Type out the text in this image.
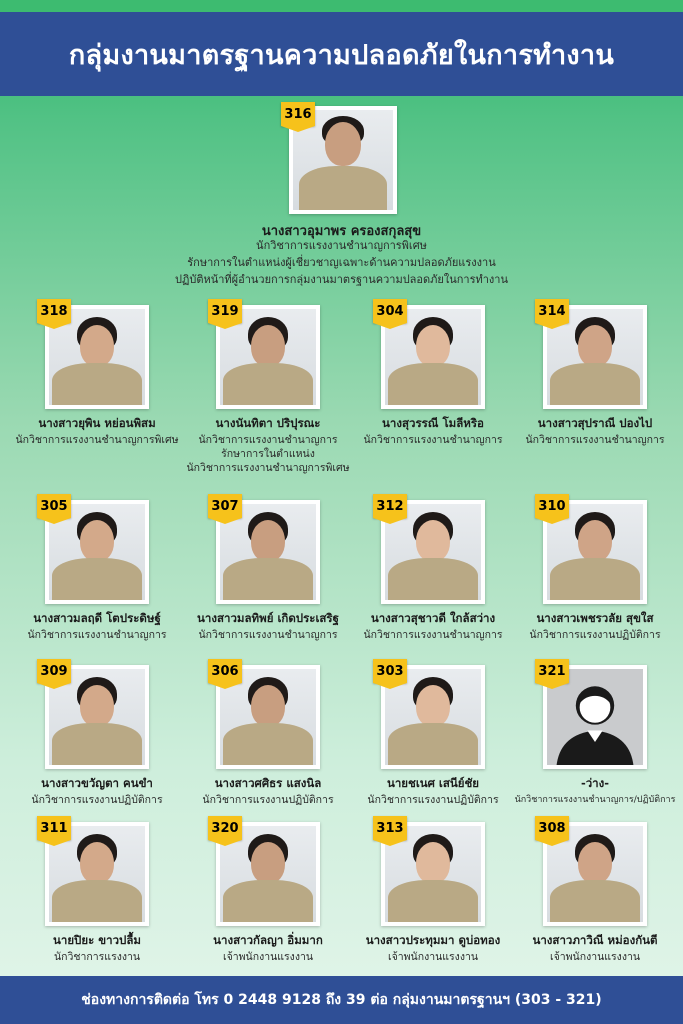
กลุ่มงานมาตรฐานความปลอดภัยในการทำงาน
316
นางสาวอุมาพร ครองสกุลสุข
นักวิชาการแรงงานชำนาญการพิเศษ
รักษาการในตำแหน่งผู้เชี่ยวชาญเฉพาะด้านความปลอดภัยแรงงาน
ปฏิบัติหน้าที่ผู้อำนวยการกลุ่มงานมาตรฐานความปลอดภัยในการทำงาน
318
นางสาวยุพิน หย่อนพิสม
นักวิชาการแรงงานชำนาญการพิเศษ
319
นางนันทิตา ปริปุรณะ
นักวิชาการแรงงานชำนาญการ
รักษาการในตำแหน่ง
นักวิชาการแรงงานชำนาญการพิเศษ
304
นางสุวรรณี โมลีหริอ
นักวิชาการแรงงานชำนาญการ
314
นางสาวสุปราณี ปองไป
นักวิชาการแรงงานชำนาญการ
305
นางสาวมลฤดี โตประดิษฐ์
นักวิชาการแรงงานชำนาญการ
307
นางสาวมลทิพย์ เกิดประเสริฐ
นักวิชาการแรงงานชำนาญการ
312
นางสาวสุชาวดี ใกล้สว่าง
นักวิชาการแรงงานชำนาญการ
310
นางสาวเพชรวลัย สุขใส
นักวิชาการแรงงานปฏิบัติการ
309
นางสาวขวัญตา คนขำ
นักวิชาการแรงงานปฏิบัติการ
306
นางสาวศศิธร แสงนิล
นักวิชาการแรงงานปฏิบัติการ
303
นายชเนศ เสนีย์ชัย
นักวิชาการแรงงานปฏิบัติการ
321
-ว่าง-
นักวิชาการแรงงานชำนาญการ/ปฏิบัติการ
311
นายปิยะ ขาวปลื้ม
นักวิชาการแรงงาน
320
นางสาวกัลญา อิ่มมาก
เจ้าพนักงานแรงงาน
313
นางสาวประทุมมา ดูบ่อทอง
เจ้าพนักงานแรงงาน
308
นางสาวภาวิณี หม่องกันตี
เจ้าพนักงานแรงงาน
ช่องทางการติดต่อ โทร 0 2448 9128 ถึง 39 ต่อ กลุ่มงานมาตรฐานฯ (303 - 321)
